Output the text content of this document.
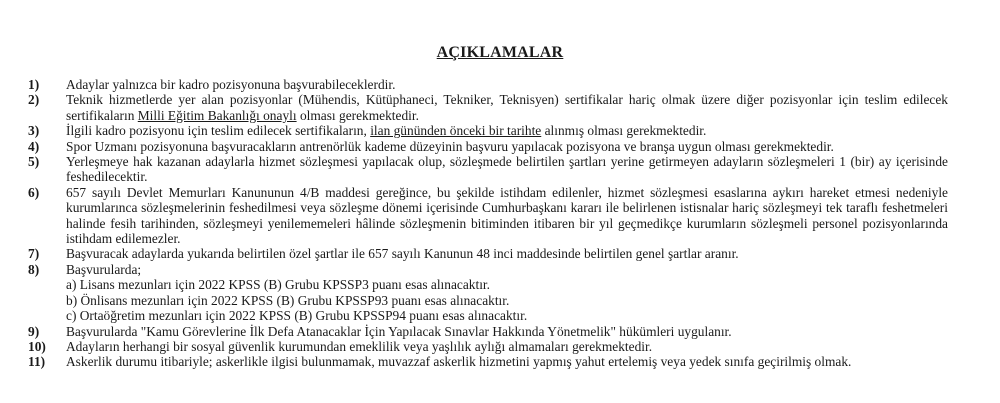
AÇIKLAMALAR
1)	Adaylar yalnızca bir kadro pozisyonuna başvurabileceklerdir.
2)	Teknik hizmetlerde yer alan pozisyonlar (Mühendis, Kütüphaneci, Tekniker, Teknisyen) sertifikalar hariç olmak üzere diğer pozisyonlar için teslim edilecek sertifikaların Milli Eğitim Bakanlığı onaylı olması gerekmektedir.
3)	İlgili kadro pozisyonu için teslim edilecek sertifikaların, ilan gününden önceki bir tarihte alınmış olması gerekmektedir.
4)	Spor Uzmanı pozisyonuna başvuracakların antrenörlük kademe düzeyinin başvuru yapılacak pozisyona ve branşa uygun olması gerekmektedir.
5)	Yerleşmeye hak kazanan adaylarla hizmet sözleşmesi yapılacak olup, sözleşmede belirtilen şartları yerine getirmeyen adayların sözleşmeleri 1 (bir) ay içerisinde feshedilecektir.
6)	657 sayılı Devlet Memurları Kanununun 4/B maddesi gereğince, bu şekilde istihdam edilenler, hizmet sözleşmesi esaslarına aykırı hareket etmesi nedeniyle kurumlarınca sözleşmelerinin feshedilmesi veya sözleşme dönemi içerisinde Cumhurbaşkanı kararı ile belirlenen istisnalar hariç sözleşmeyi tek taraflı feshetmeleri halinde fesih tarihinden, sözleşmeyi yenilememeleri hâlinde sözleşmenin bitiminden itibaren bir yıl geçmedikçe kurumların sözleşmeli personel pozisyonlarında istihdam edilemezler.
7)	Başvuracak adaylarda yukarıda belirtilen özel şartlar ile 657 sayılı Kanunun 48 inci maddesinde belirtilen genel şartlar aranır.
8)	Başvurularda;
a) Lisans mezunları için 2022 KPSS (B) Grubu KPSSP3 puanı esas alınacaktır.
b) Önlisans mezunları için 2022 KPSS (B) Grubu KPSSP93 puanı esas alınacaktır.
c) Ortaöğretim mezunları için 2022 KPSS (B) Grubu KPSSP94 puanı esas alınacaktır.
9)	Başvurularda "Kamu Görevlerine İlk Defa Atanacaklar İçin Yapılacak Sınavlar Hakkında Yönetmelik" hükümleri uygulanır.
10)	Adayların herhangi bir sosyal güvenlik kurumundan emeklilik veya yaşlılık aylığı almamaları gerekmektedir.
11)	Askerlik durumu itibariyle; askerlikle ilgisi bulunmamak, muvazzaf askerlik hizmetini yapmış yahut ertelemiş veya yedek sınıfa geçirilmiş olmak.
